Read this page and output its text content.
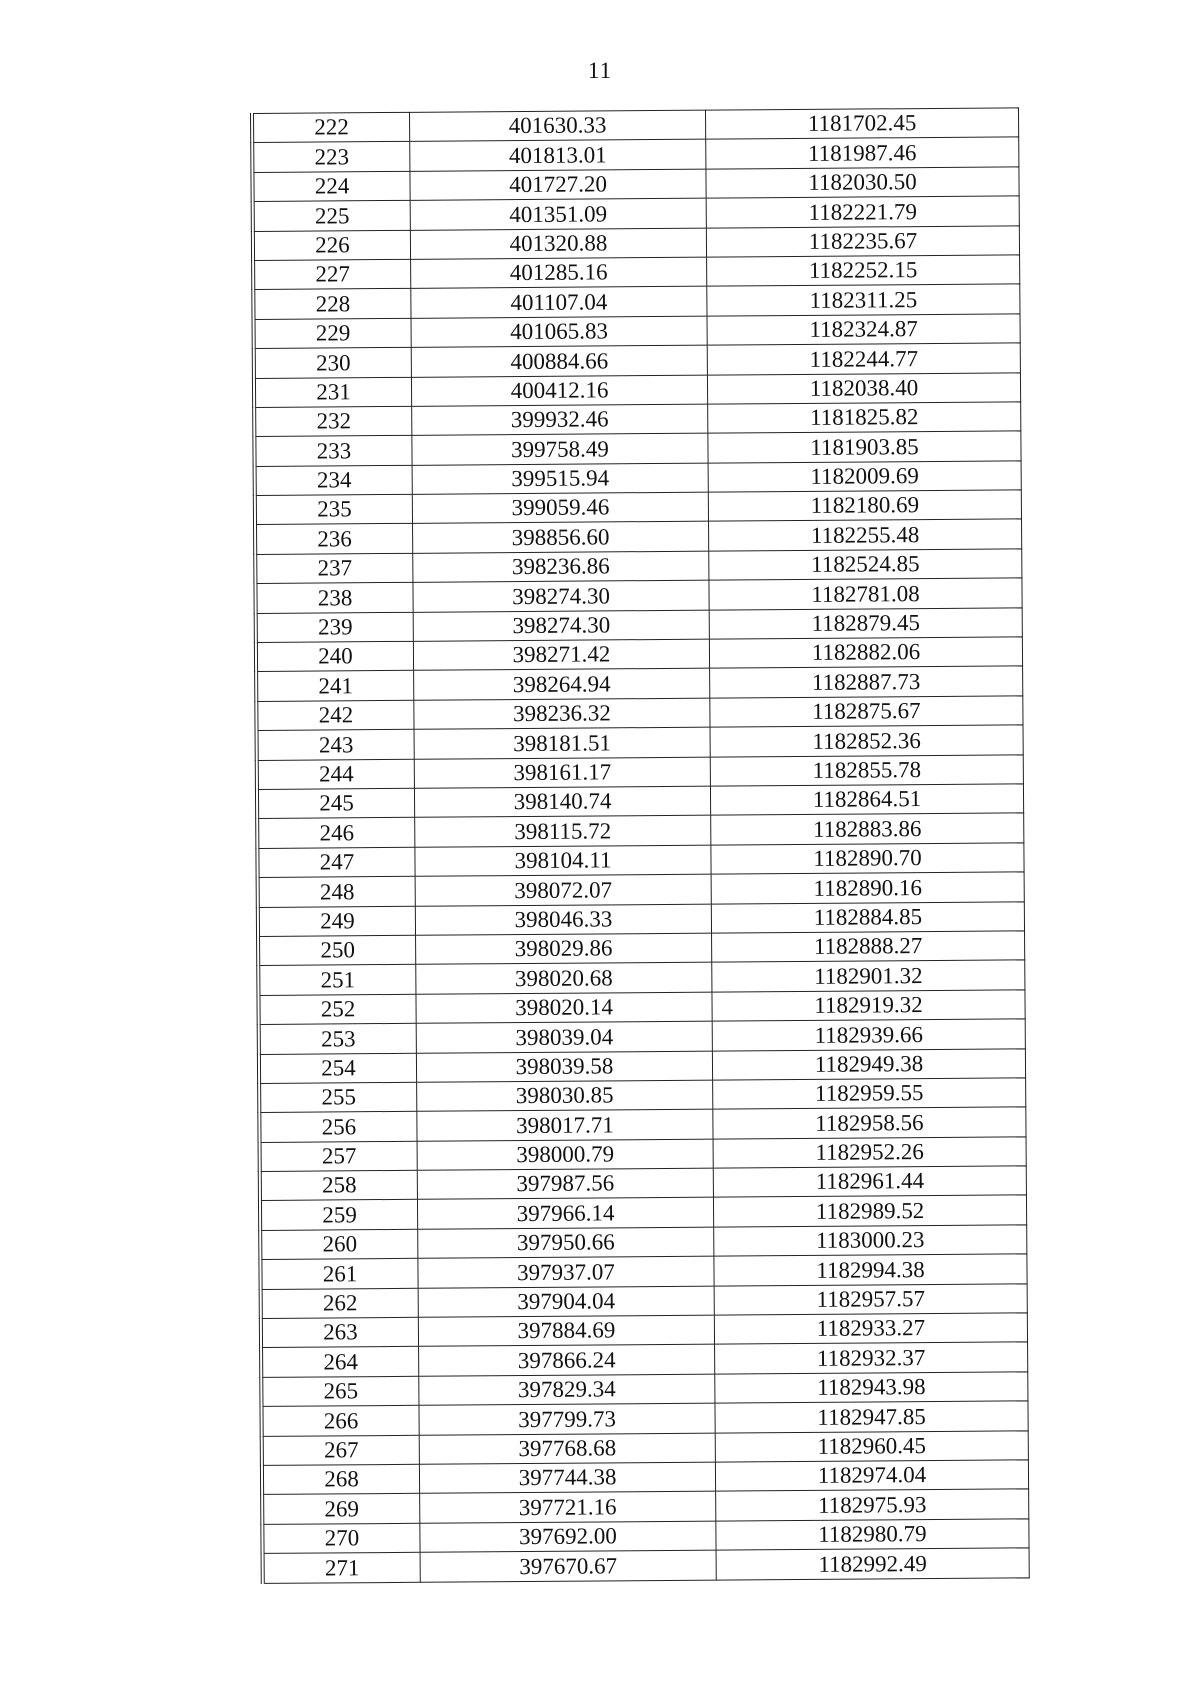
11
222	401630.33	1181702.45
223	401813.01	1181987.46
224	401727.20	1182030.50
225	401351.09	1182221.79
226	401320.88	1182235.67
227	401285.16	1182252.15
228	401107.04	1182311.25
229	401065.83	1182324.87
230	400884.66	1182244.77
231	400412.16	1182038.40
232	399932.46	1181825.82
233	399758.49	1181903.85
234	399515.94	1182009.69
235	399059.46	1182180.69
236	398856.60	1182255.48
237	398236.86	1182524.85
238	398274.30	1182781.08
239	398274.30	1182879.45
240	398271.42	1182882.06
241	398264.94	1182887.73
242	398236.32	1182875.67
243	398181.51	1182852.36
244	398161.17	1182855.78
245	398140.74	1182864.51
246	398115.72	1182883.86
247	398104.11	1182890.70
248	398072.07	1182890.16
249	398046.33	1182884.85
250	398029.86	1182888.27
251	398020.68	1182901.32
252	398020.14	1182919.32
253	398039.04	1182939.66
254	398039.58	1182949.38
255	398030.85	1182959.55
256	398017.71	1182958.56
257	398000.79	1182952.26
258	397987.56	1182961.44
259	397966.14	1182989.52
260	397950.66	1183000.23
261	397937.07	1182994.38
262	397904.04	1182957.57
263	397884.69	1182933.27
264	397866.24	1182932.37
265	397829.34	1182943.98
266	397799.73	1182947.85
267	397768.68	1182960.45
268	397744.38	1182974.04
269	397721.16	1182975.93
270	397692.00	1182980.79
271	397670.67	1182992.49
